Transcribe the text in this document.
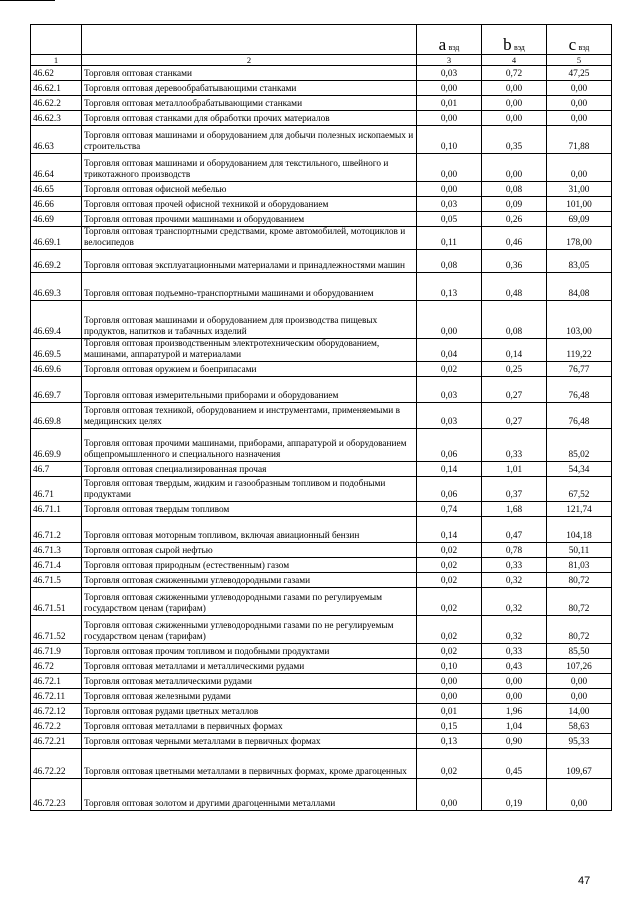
		a вэд	b вэд	c вэд
1	2	3	4	5
46.62	Торговля оптовая станками	0,03	0,72	47,25
46.62.1	Торговля оптовая деревообрабатывающими станками	0,00	0,00	0,00
46.62.2	Торговля оптовая металлообрабатывающими станками	0,01	0,00	0,00
46.62.3	Торговля оптовая станками для обработки прочих материалов	0,00	0,00	0,00
46.63	Торговля оптовая машинами и оборудованием для добычи полезных ископаемых и строительства	0,10	0,35	71,88
46.64	Торговля оптовая машинами и оборудованием для текстильного, швейного и трикотажного производств	0,00	0,00	0,00
46.65	Торговля оптовая офисной мебелью	0,00	0,08	31,00
46.66	Торговля оптовая прочей офисной техникой и оборудованием	0,03	0,09	101,00
46.69	Торговля оптовая прочими машинами и оборудованием	0,05	0,26	69,09
46.69.1	Торговля оптовая транспортными средствами, кроме автомобилей, мотоциклов и велосипедов	0,11	0,46	178,00
46.69.2	Торговля оптовая эксплуатационными материалами и принадлежностями машин	0,08	0,36	83,05
46.69.3	Торговля оптовая подъемно-транспортными машинами и оборудованием	0,13	0,48	84,08
46.69.4	Торговля оптовая машинами и оборудованием для производства пищевых продуктов, напитков и табачных изделий	0,00	0,08	103,00
46.69.5	Торговля оптовая производственным электротехническим оборудованием, машинами, аппаратурой и материалами	0,04	0,14	119,22
46.69.6	Торговля оптовая оружием и боеприпасами	0,02	0,25	76,77
46.69.7	Торговля оптовая измерительными приборами и оборудованием	0,03	0,27	76,48
46.69.8	Торговля оптовая техникой, оборудованием и инструментами, применяемыми в медицинских целях	0,03	0,27	76,48
46.69.9	Торговля оптовая прочими машинами, приборами, аппаратурой и оборудованием общепромышленного и специального назначения	0,06	0,33	85,02
46.7	Торговля оптовая специализированная прочая	0,14	1,01	54,34
46.71	Торговля оптовая твердым, жидким и газообразным топливом и подобными продуктами	0,06	0,37	67,52
46.71.1	Торговля оптовая твердым топливом	0,74	1,68	121,74
46.71.2	Торговля оптовая моторным топливом, включая авиационный бензин	0,14	0,47	104,18
46.71.3	Торговля оптовая сырой нефтью	0,02	0,78	50,11
46.71.4	Торговля оптовая природным (естественным) газом	0,02	0,33	81,03
46.71.5	Торговля оптовая сжиженными углеводородными газами	0,02	0,32	80,72
46.71.51	Торговля оптовая сжиженными углеводородными газами по регулируемым государством ценам (тарифам)	0,02	0,32	80,72
46.71.52	Торговля оптовая сжиженными углеводородными газами по не регулируемым государством ценам (тарифам)	0,02	0,32	80,72
46.71.9	Торговля оптовая прочим топливом и подобными продуктами	0,02	0,33	85,50
46.72	Торговля оптовая металлами и металлическими рудами	0,10	0,43	107,26
46.72.1	Торговля оптовая металлическими рудами	0,00	0,00	0,00
46.72.11	Торговля оптовая железными рудами	0,00	0,00	0,00
46.72.12	Торговля оптовая рудами цветных металлов	0,01	1,96	14,00
46.72.2	Торговля оптовая металлами в первичных формах	0,15	1,04	58,63
46.72.21	Торговля оптовая черными металлами в первичных формах	0,13	0,90	95,33
46.72.22	Торговля оптовая цветными металлами в первичных формах, кроме драгоценных	0,02	0,45	109,67
46.72.23	Торговля оптовая золотом и другими драгоценными металлами	0,00	0,19	0,00
47
